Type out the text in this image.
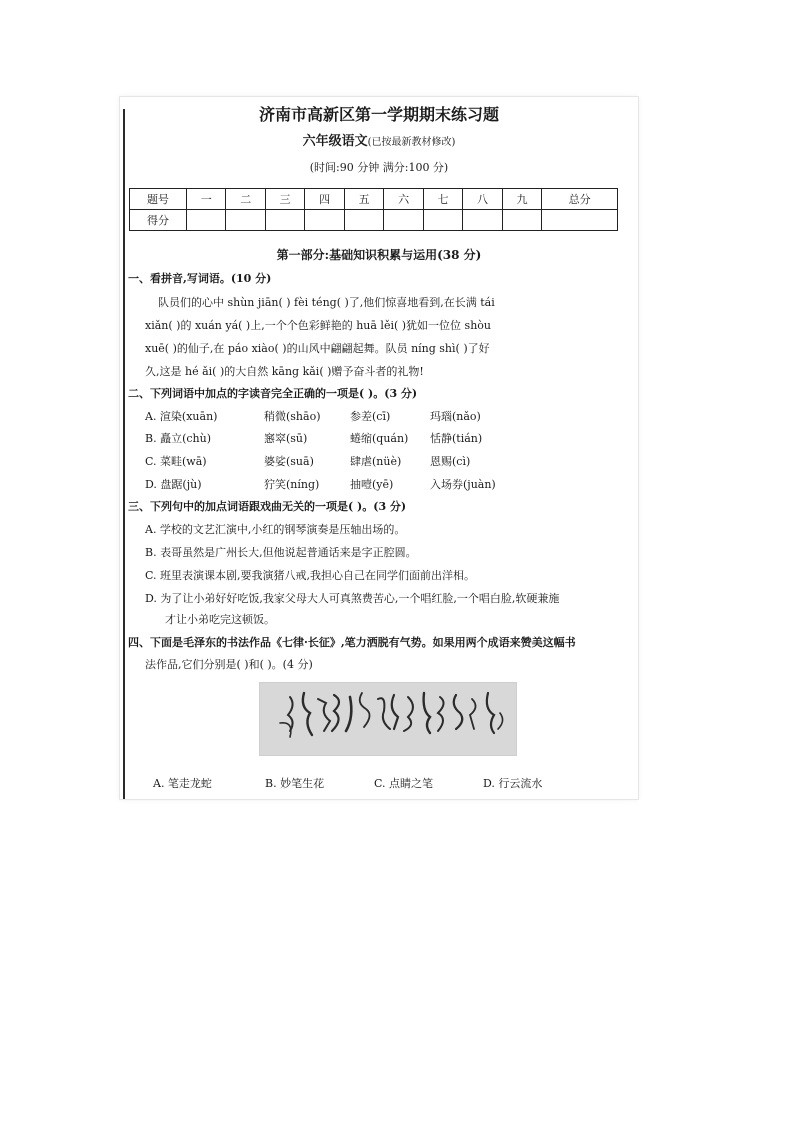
济南市高新区第一学期期末练习题
六年级语文(已按最新教材修改)
(时间:90 分钟 满分:100 分)
题号	一	二	三	四	五	六	七	八	九	总分
得分										
第一部分:基础知识积累与运用(38 分)
一、看拼音,写词语。(10 分)
队员们的心中 shùn jiān( ) fèi téng( )了,他们惊喜地看到,在长满 tái
xiǎn( )的 xuán yá( )上,一个个色彩鲜艳的 huā lěi( )犹如一位位 shòu
xuē( )的仙子,在 páo xiào( )的山风中翩翩起舞。队员 níng shì( )了好
久,这是 hé ǎi( )的大自然 kāng kǎi( )赠予奋斗者的礼物!
二、下列词语中加点的字读音完全正确的一项是( )。(3 分)
A. 渲染(xuān)	稍微(shāo)	参差(cī)	玛瑙(nǎo)
B. 矗立(chù)	窸窣(sū)	蜷缩(quán) 恬静(tián)
C. 菜畦(wā)	婆娑(suā)	肆虐(nüè)	恩赐(cì)
D. 盘踞(jù)	狞笑(níng)	抽噎(yē)	入场券(juàn)
三、下列句中的加点词语跟戏曲无关的一项是( )。(3 分)
A. 学校的文艺汇演中,小红的钢琴演奏是压轴出场的。
B. 表哥虽然是广州长大,但他说起普通话来是字正腔圆。
C. 班里表演课本剧,要我演猪八戒,我担心自己在同学们面前出洋相。
D. 为了让小弟好好吃饭,我家父母大人可真煞费苦心,一个唱红脸,一个唱白脸,软硬兼施
才让小弟吃完这顿饭。
四、下面是毛泽东的书法作品《七律·长征》,笔力洒脱有气势。如果用两个成语来赞美这幅书
法作品,它们分别是( )和( )。(4 分)
A. 笔走龙蛇	B. 妙笔生花	C. 点睛之笔	D. 行云流水
